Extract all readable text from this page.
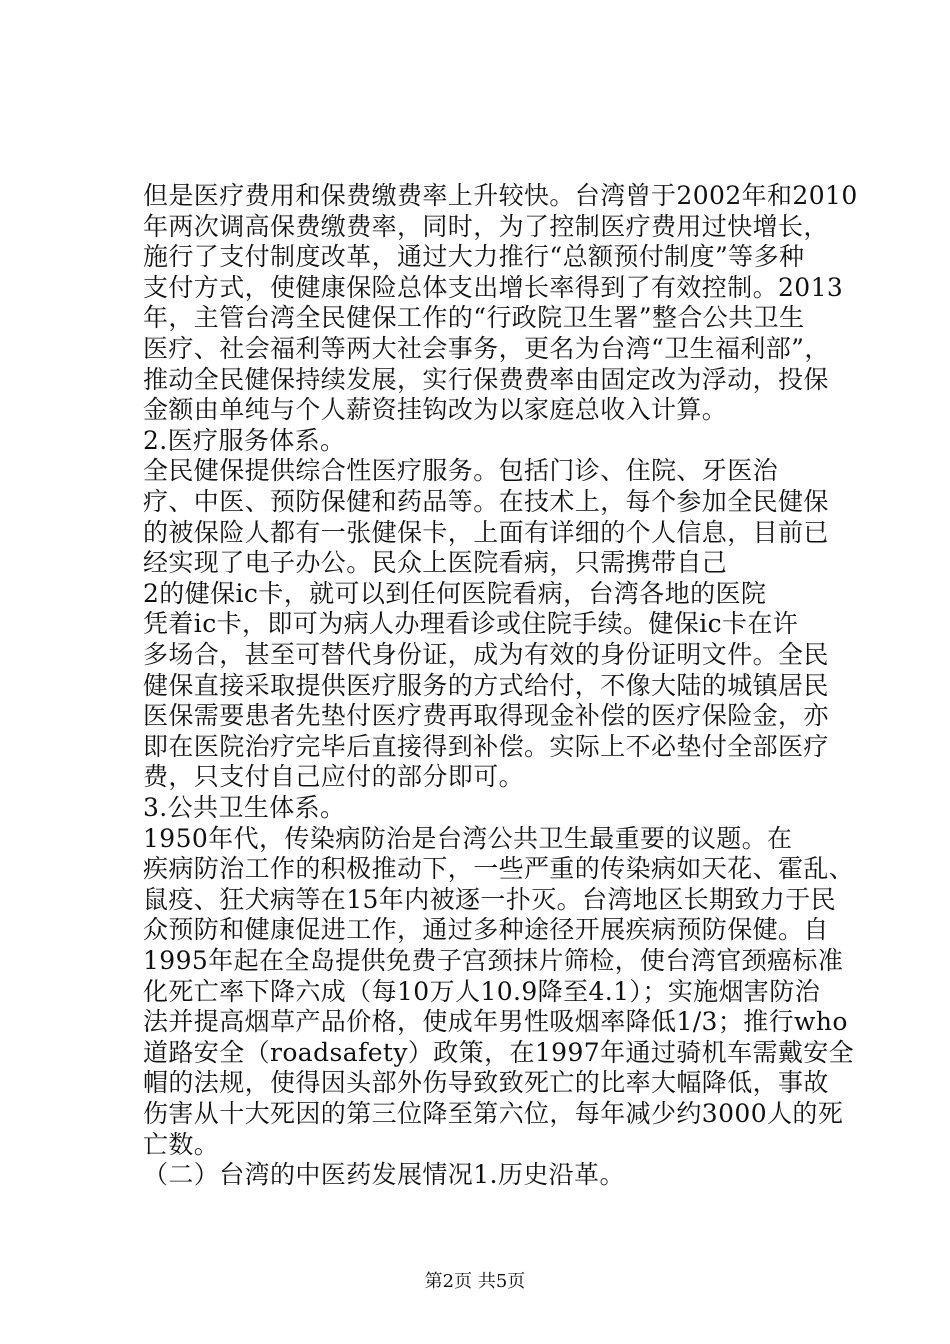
但是医疗费用和保费缴费率上升较快。台湾曾于2002年和2010
年两次调高保费缴费率，同时，为了控制医疗费用过快增长，
施行了支付制度改革，通过大力推行“总额预付制度”等多种
支付方式，使健康保险总体支出增长率得到了有效控制。2013
年，主管台湾全民健保工作的“行政院卫生署”整合公共卫生
医疗、社会福利等两大社会事务，更名为台湾“卫生福利部”，
推动全民健保持续发展，实行保费费率由固定改为浮动，投保
金额由单纯与个人薪资挂钩改为以家庭总收入计算。
2.医疗服务体系。
全民健保提供综合性医疗服务。包括门诊、住院、牙医治
疗、中医、预防保健和药品等。在技术上，每个参加全民健保
的被保险人都有一张健保卡，上面有详细的个人信息，目前已
经实现了电子办公。民众上医院看病，只需携带自己
2的健保ic卡，就可以到任何医院看病，台湾各地的医院
凭着ic卡，即可为病人办理看诊或住院手续。健保ic卡在许
多场合，甚至可替代身份证，成为有效的身份证明文件。全民
健保直接采取提供医疗服务的方式给付，不像大陆的城镇居民
医保需要患者先垫付医疗费再取得现金补偿的医疗保险金，亦
即在医院治疗完毕后直接得到补偿。实际上不必垫付全部医疗
费，只支付自己应付的部分即可。
3.公共卫生体系。
1950年代，传染病防治是台湾公共卫生最重要的议题。在
疾病防治工作的积极推动下，一些严重的传染病如天花、霍乱、
鼠疫、狂犬病等在15年内被逐一扑灭。台湾地区长期致力于民
众预防和健康促进工作，通过多种途径开展疾病预防保健。自
1995年起在全岛提供免费子宫颈抹片筛检，使台湾官颈癌标准
化死亡率下降六成（每10万人10.9降至4.1）；实施烟害防治
法并提高烟草产品价格，使成年男性吸烟率降低1/3；推行who
道路安全（roadsafety）政策，在1997年通过骑机车需戴安全
帽的法规，使得因头部外伤导致致死亡的比率大幅降低，事故
伤害从十大死因的第三位降至第六位，每年减少约3000人的死
亡数。
（二）台湾的中医药发展情况1.历史沿革。
第2页 共5页
